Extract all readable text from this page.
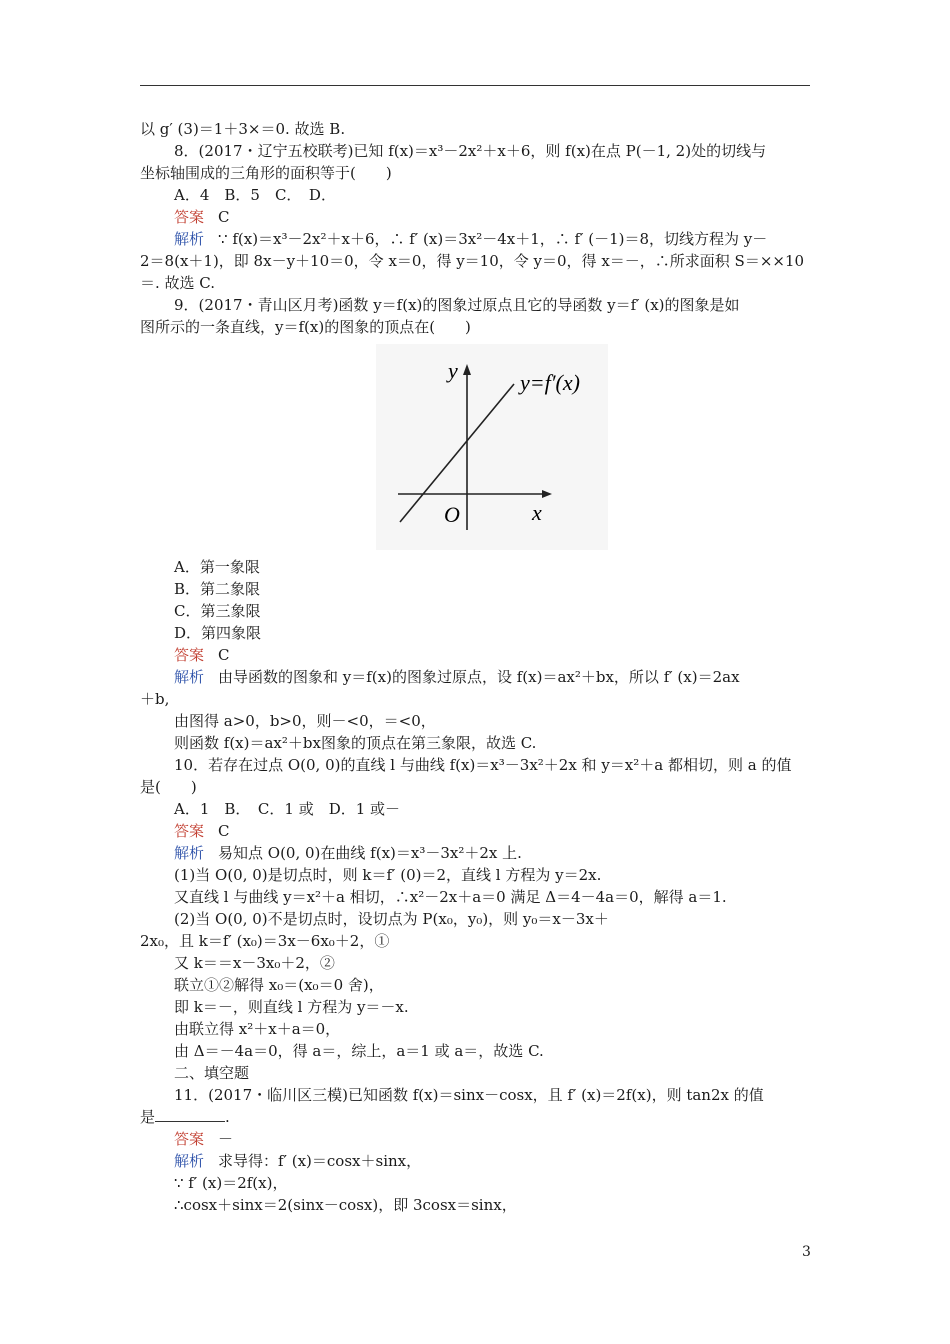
以 g′ (3)＝1＋3×＝0. 故选 B.
8．(2017・辽宁五校联考)已知 f(x)＝x³－2x²＋x＋6，则 f(x)在点 P(－1, 2)处的切线与
坐标轴围成的三角形的面积等于(　　)
A．4　B．5　C．　D．
答案 C
解析 ∵ f(x)＝x³－2x²＋x＋6，∴ f′ (x)＝3x²－4x＋1，∴ f′ (－1)＝8，切线方程为 y－
2＝8(x＋1)，即 8x－y＋10＝0，令 x＝0，得 y＝10，令 y＝0，得 x＝－，∴所求面积 S＝××10
＝. 故选 C.
9．(2017・青山区月考)函数 y＝f(x)的图象过原点且它的导函数 y＝f′ (x)的图象是如
图所示的一条直线，y＝f(x)的图象的顶点在(　　)
y
x
O
y=f′(x)
A．第一象限
B．第二象限
C．第三象限
D．第四象限
答案 C
解析 由导函数的图象和 y＝f(x)的图象过原点，设 f(x)＝ax²＋bx，所以 f′ (x)＝2ax
＋b,
由图得 a>0，b>0，则－<0，＝<0，
则函数 f(x)＝ax²＋bx图象的顶点在第三象限，故选 C.
10．若存在过点 O(0, 0)的直线 l 与曲线 f(x)＝x³－3x²＋2x 和 y＝x²＋a 都相切，则 a 的值
是(　　)
A．1　B．　C．1 或　D．1 或－
答案 C
解析 易知点 O(0, 0)在曲线 f(x)＝x³－3x²＋2x 上.
(1)当 O(0, 0)是切点时，则 k＝f′ (0)＝2，直线 l 方程为 y＝2x.
又直线 l 与曲线 y＝x²＋a 相切，∴x²－2x＋a＝0 满足 Δ＝4－4a＝0，解得 a＝1.
(2)当 O(0, 0)不是切点时，设切点为 P(x₀，y₀)，则 y₀＝x－3x＋
2x₀，且 k＝f′ (x₀)＝3x－6x₀＋2，①
又 k＝＝x－3x₀＋2，②
联立①②解得 x₀＝(x₀＝0 舍)，
即 k＝－，则直线 l 方程为 y＝－x.
由联立得 x²＋x＋a＝0，
由 Δ＝－4a＝0，得 a＝，综上，a＝1 或 a＝，故选 C.
二、填空题
11．(2017・临川区三模)已知函数 f(x)＝sinx－cosx，且 f′ (x)＝2f(x)，则 tan2x 的值
是	.
答案 －
解析 求导得：f′ (x)＝cosx＋sinx，
∵ f′ (x)＝2f(x)，
∴cosx＋sinx＝2(sinx－cosx)，即 3cosx＝sinx，
3
